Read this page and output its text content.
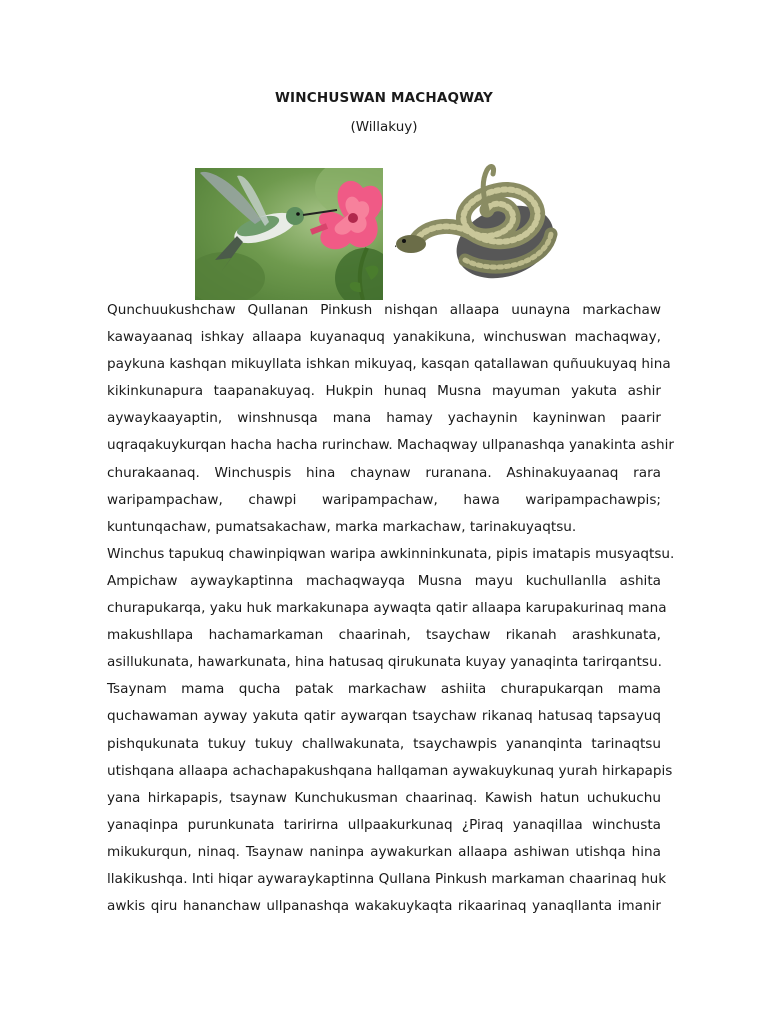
WINCHUSWAN MACHAQWAY
(Willakuy)

Qunchuukushchaw Qullanan Pinkush nishqan allaapa uunayna markachaw
kawayaanaq ishkay allaapa kuyanaquq yanakikuna, winchuswan machaqway,
paykuna kashqan mikuyllata ishkan mikuyaq, kasqan qatallawan quñuukuyaq hina
kikinkunapura taapanakuyaq. Hukpin hunaq Musna mayuman yakuta ashir
aywaykaayaptin, winshnusqa mana hamay yachaynin kayninwan paarir
uqraqakuykurqan hacha hacha rurinchaw. Machaqway ullpanashqa yanakinta ashir
churakaanaq. Winchuspis hina chaynaw ruranana. Ashinakuyaanaq rara
waripampachaw, chawpi waripampachaw, hawa waripampachawpis;
kuntunqachaw, pumatsakachaw, marka markachaw, tarinakuyaqtsu.

Winchus tapukuq chawinpiqwan waripa awkinninkunata, pipis imatapis musyaqtsu.
Ampichaw aywaykaptinna machaqwayqa Musna mayu kuchullanlla ashita
churapukarqa, yaku huk markakunapa aywaqta qatir allaapa karupakurinaq mana
makushllapa hachamarkaman chaarinah, tsaychaw rikanah arashkunata,
asillukunata, hawarkunata, hina hatusaq qirukunata kuyay yanaqinta tarirqantsu.
Tsaynam mama qucha patak markachaw ashiita churapukarqan mama
quchawaman ayway yakuta qatir aywarqan tsaychaw rikanaq hatusaq tapsayuq
pishqukunata tukuy tukuy challwakunata, tsaychawpis yananqinta tarinaqtsu
utishqana allaapa achachapakushqana hallqaman aywakuykunaq yurah hirkapapis
yana hirkapapis, tsaynaw Kunchukusman chaarinaq. Kawish hatun uchukuchu
yanaqinpa purunkunata taririrna ullpaakurkunaq ¿Piraq yanaqillaa winchusta
mikukurqun, ninaq. Tsaynaw naninpa aywakurkan allaapa ashiwan utishqa hina
llakikushqa. Inti hiqar aywaraykaptinna Qullana Pinkush markaman chaarinaq huk
awkis qiru hananchaw ullpanashqa wakakuykaqta rikaarinaq yanaqllanta imanir
